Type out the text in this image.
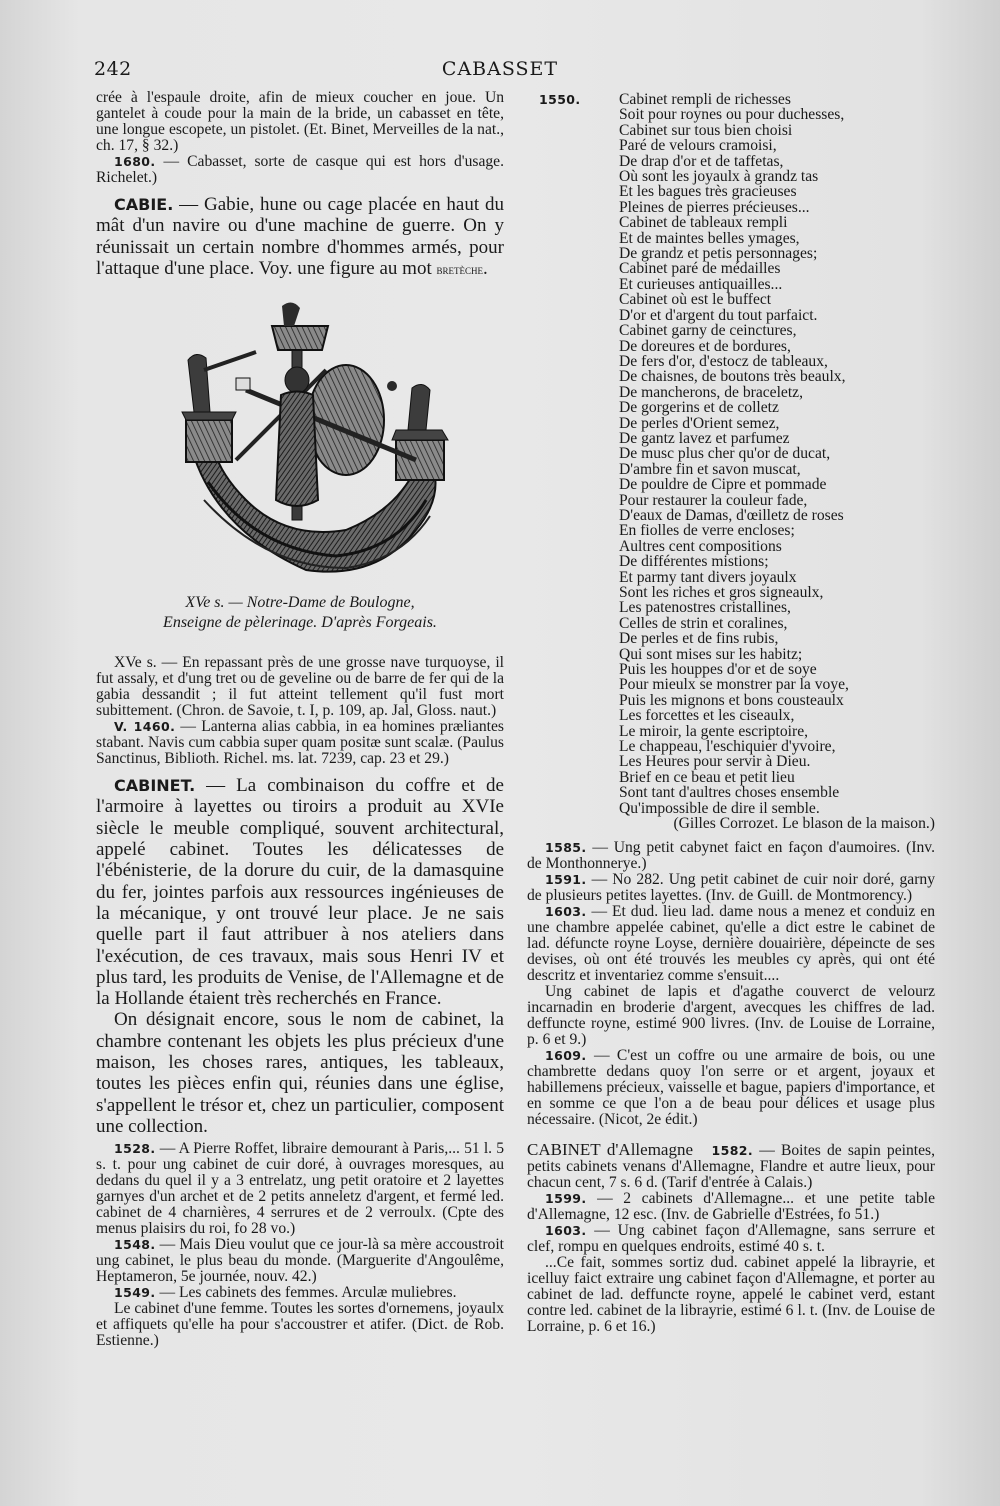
242	CABASSET

crée à l'espaule droite, afin de mieux coucher en joue. Un gantelet à coude pour la main de la bride, un cabasset en tête, une longue escopete, un pistolet. (Et. Binet, Merveilles de la nat., ch. 17, § 32.)

1680. — Cabasset, sorte de casque qui est hors d'usage. Richelet.)

CABIE. — Gabie, hune ou cage placée en haut du mât d'un navire ou d'une machine de guerre. On y réunissait un certain nombre d'hommes armés, pour l'attaque d'une place. Voy. une figure au mot bretèche.

XVe s. — Notre-Dame de Boulogne,
Enseigne de pèlerinage. D'après Forgeais.

XVe s. — En repassant près de une grosse nave turquoyse, il fut assaly, et d'ung tret ou de geveline ou de barre de fer qui de la gabia dessandit ; il fut atteint tellement qu'il fust mort subittement. (Chron. de Savoie, t. I, p. 109, ap. Jal, Gloss. naut.)

V. 1460. — Lanterna alias cabbia, in ea homines præliantes stabant. Navis cum cabbia super quam positæ sunt scalæ. (Paulus Sanctinus, Biblioth. Richel. ms. lat. 7239, cap. 23 et 29.)

CABINET. — La combinaison du coffre et de l'armoire à layettes ou tiroirs a produit au XVIe siècle le meuble compliqué, souvent architectural, appelé cabinet. Toutes les délicatesses de l'ébénisterie, de la dorure du cuir, de la damasquine du fer, jointes parfois aux ressources ingénieuses de la mécanique, y ont trouvé leur place. Je ne sais quelle part il faut attribuer à nos ateliers dans l'exécution, de ces travaux, mais sous Henri IV et plus tard, les produits de Venise, de l'Allemagne et de la Hollande étaient très recherchés en France.

On désignait encore, sous le nom de cabinet, la chambre contenant les objets les plus précieux d'une maison, les choses rares, antiques, les tableaux, toutes les pièces enfin qui, réunies dans une église, s'appellent le trésor et, chez un particulier, composent une collection.

1528. — A Pierre Roffet, libraire demourant à Paris,... 51 l. 5 s. t. pour ung cabinet de cuir doré, à ouvrages moresques, au dedans du quel il y a 3 entrelatz, ung petit oratoire et 2 layettes garnyes d'un archet et de 2 petits anneletz d'argent, et fermé led. cabinet de 4 charnières, 4 serrures et de 2 verroulx. (Cpte des menus plaisirs du roi, fo 28 vo.)

1548. — Mais Dieu voulut que ce jour-là sa mère accoustroit ung cabinet, le plus beau du monde. (Marguerite d'Angoulême, Heptameron, 5e journée, nouv. 42.)

1549. — Les cabinets des femmes. Arculæ muliebres.

Le cabinet d'une femme. Toutes les sortes d'ornemens, joyaulx et affiquets qu'elle ha pour s'accoustrer et atifer. (Dict. de Rob. Estienne.)

1550.	Cabinet rempli de richesses
Soit pour roynes ou pour duchesses,
Cabinet sur tous bien choisi
Paré de velours cramoisi,
De drap d'or et de taffetas,
Où sont les joyaulx à grandz tas
Et les bagues très gracieuses
Pleines de pierres précieuses...
Cabinet de tableaux rempli
Et de maintes belles ymages,
De grandz et petis personnages;
Cabinet paré de médailles
Et curieuses antiquailles...
Cabinet où est le buffect
D'or et d'argent du tout parfaict.
Cabinet garny de ceinctures,
De doreures et de bordures,
De fers d'or, d'estocz de tableaux,
De chaisnes, de boutons très beaulx,
De mancherons, de braceletz,
De gorgerins et de colletz
De perles d'Orient semez,
De gantz lavez et parfumez
De musc plus cher qu'or de ducat,
D'ambre fin et savon muscat,
De pouldre de Cipre et pommade
Pour restaurer la couleur fade,
D'eaux de Damas, d'œilletz de roses
En fiolles de verre encloses;
Aultres cent compositions
De différentes mistions;
Et parmy tant divers joyaulx
Sont les riches et gros signeaulx,
Les patenostres cristallines,
Celles de strin et coralines,
De perles et de fins rubis,
Qui sont mises sur les habitz;
Puis les houppes d'or et de soye
Pour mieulx se monstrer par la voye,
Puis les mignons et bons cousteaulx
Les forcettes et les ciseaulx,
Le miroir, la gente escriptoire,
Le chappeau, l'eschiquier d'yvoire,
Les Heures pour servir à Dieu.
Brief en ce beau et petit lieu
Sont tant d'aultres choses ensemble
Qu'impossible de dire il semble.

(Gilles Corrozet. Le blason de la maison.)

1585. — Ung petit cabynet faict en façon d'aumoires. (Inv. de Monthonnerye.)

1591. — No 282. Ung petit cabinet de cuir noir doré, garny de plusieurs petites layettes. (Inv. de Guill. de Montmorency.)

1603. — Et dud. lieu lad. dame nous a menez et conduiz en une chambre appelée cabinet, qu'elle a dict estre le cabinet de lad. défuncte royne Loyse, dernière douairière, dépeincte de ses devises, où ont été trouvés les meubles cy après, qui ont été descritz et inventariez comme s'ensuit....

Ung cabinet de lapis et d'agathe couverct de velourz incarnadin en broderie d'argent, avecques les chiffres de lad. deffuncte royne, estimé 900 livres. (Inv. de Louise de Lorraine, p. 6 et 9.)

1609. — C'est un coffre ou une armaire de bois, ou une chambrette dedans quoy l'on serre or et argent, joyaux et habillemens précieux, vaisselle et bague, papiers d'importance, et en somme ce que l'on a de beau pour délices et usage plus nécessaire. (Nicot, 2e édit.)

CABINET d'Allemagne 1582. — Boites de sapin peintes, petits cabinets venans d'Allemagne, Flandre et autre lieux, pour chacun cent, 7 s. 6 d. (Tarif d'entrée à Calais.)

1599. — 2 cabinets d'Allemagne... et une petite table d'Allemagne, 12 esc. (Inv. de Gabrielle d'Estrées, fo 51.)

1603. — Ung cabinet façon d'Allemagne, sans serrure et clef, rompu en quelques endroits, estimé 40 s. t.

...Ce fait, sommes sortiz dud. cabinet appelé la librayrie, et icelluy faict extraire ung cabinet façon d'Allemagne, et porter au cabinet de lad. deffuncte royne, appelé le cabinet verd, estant contre led. cabinet de la librayrie, estimé 6 l. t. (Inv. de Louise de Lorraine, p. 6 et 16.)
